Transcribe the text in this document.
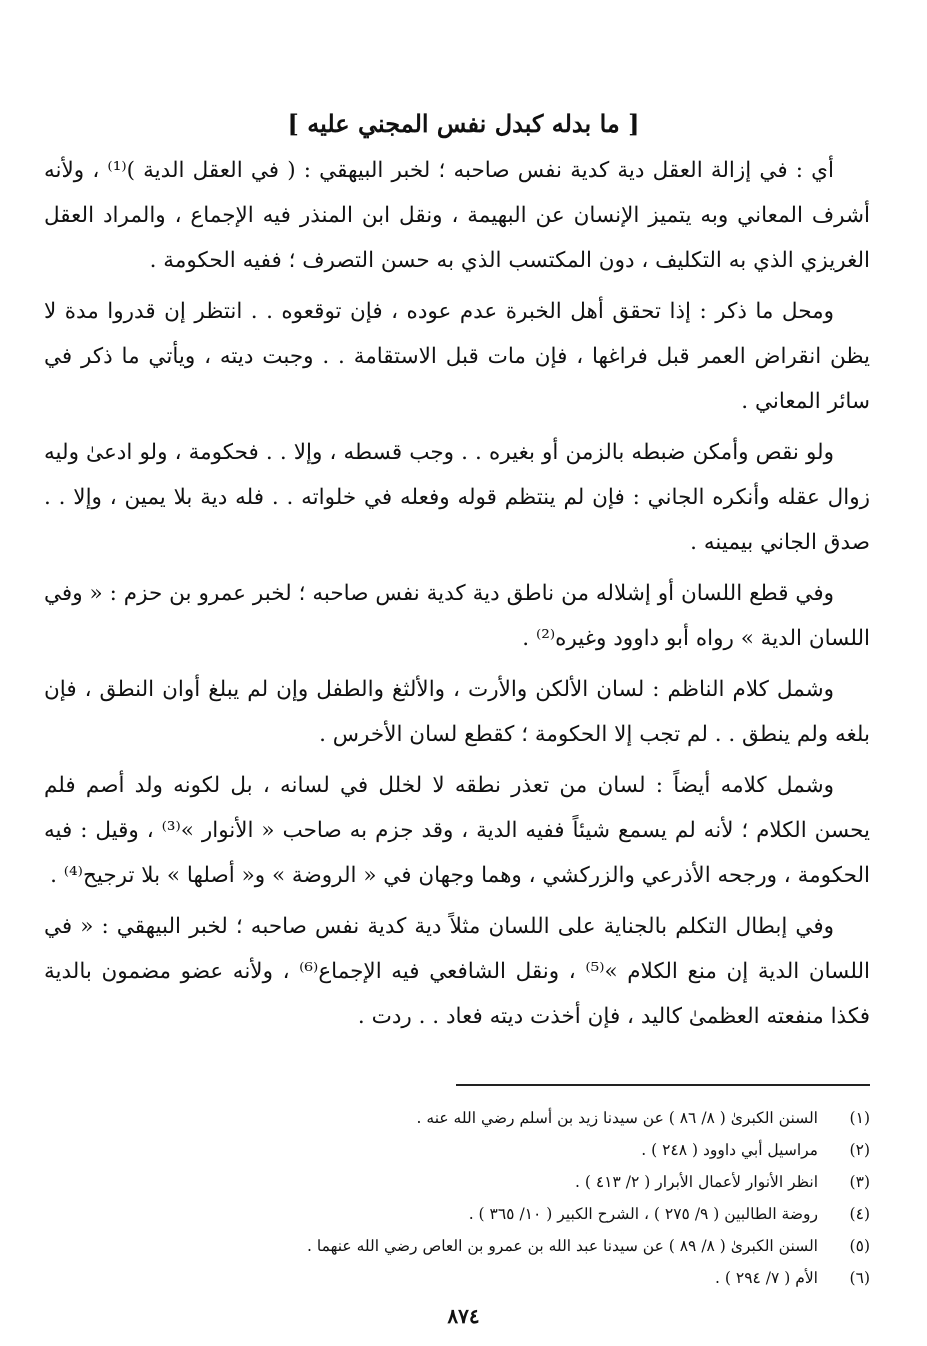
[ ما بدله كبدل نفس المجني عليه ]

أي : في إزالة العقل دية كدية نفس صاحبه ؛ لخبر البيهقي : ( في العقل الدية )⁽¹⁾ ، ولأنه أشرف المعاني وبه يتميز الإنسان عن البهيمة ، ونقل ابن المنذر فيه الإجماع ، والمراد العقل الغريزي الذي به التكليف ، دون المكتسب الذي به حسن التصرف ؛ ففيه الحكومة .

ومحل ما ذكر : إذا تحقق أهل الخبرة عدم عوده ، فإن توقعوه . . انتظر إن قدروا مدة لا يظن انقراض العمر قبل فراغها ، فإن مات قبل الاستقامة . . وجبت ديته ، ويأتي ما ذكر في سائر المعاني .

ولو نقص وأمكن ضبطه بالزمن أو بغيره . . وجب قسطه ، وإلا . . فحكومة ، ولو ادعىٰ وليه زوال عقله وأنكره الجاني : فإن لم ينتظم قوله وفعله في خلواته . . فله دية بلا يمين ، وإلا . . صدق الجاني بيمينه .

وفي قطع اللسان أو إشلاله من ناطق دية كدية نفس صاحبه ؛ لخبر عمرو بن حزم : « وفي اللسان الدية » رواه أبو داوود وغيره⁽²⁾ .

وشمل كلام الناظم : لسان الألكن والأرت ، والألثغ والطفل وإن لم يبلغ أوان النطق ، فإن بلغه ولم ينطق . . لم تجب إلا الحكومة ؛ كقطع لسان الأخرس .

وشمل كلامه أيضاً : لسان من تعذر نطقه لا لخلل في لسانه ، بل لكونه ولد أصم فلم يحسن الكلام ؛ لأنه لم يسمع شيئاً ففيه الدية ، وقد جزم به صاحب « الأنوار »⁽³⁾ ، وقيل : فيه الحكومة ، ورجحه الأذرعي والزركشي ، وهما وجهان في « الروضة » و« أصلها » بلا ترجيح⁽⁴⁾ .

وفي إبطال التكلم بالجناية على اللسان مثلاً دية كدية نفس صاحبه ؛ لخبر البيهقي : « في اللسان الدية إن منع الكلام »⁽⁵⁾ ، ونقل الشافعي فيه الإجماع⁽⁶⁾ ، ولأنه عضو مضمون بالدية فكذا منفعته العظمىٰ كاليد ، فإن أخذت ديته فعاد . . ردت .

(١)
السنن الكبرىٰ ( ٨/ ٨٦ ) عن سيدنا زيد بن أسلم رضي الله عنه .
(٢)
مراسيل أبي داوود ( ٢٤٨ ) .
(٣)
انظر الأنوار لأعمال الأبرار ( ٢/ ٤١٣ ) .
(٤)
روضة الطالبين ( ٩/ ٢٧٥ ) ، الشرح الكبير ( ١٠/ ٣٦٥ ) .
(٥)
السنن الكبرىٰ ( ٨/ ٨٩ ) عن سيدنا عبد الله بن عمرو بن العاص رضي الله عنهما .
(٦)
الأم ( ٧/ ٢٩٤ ) .
٨٧٤
